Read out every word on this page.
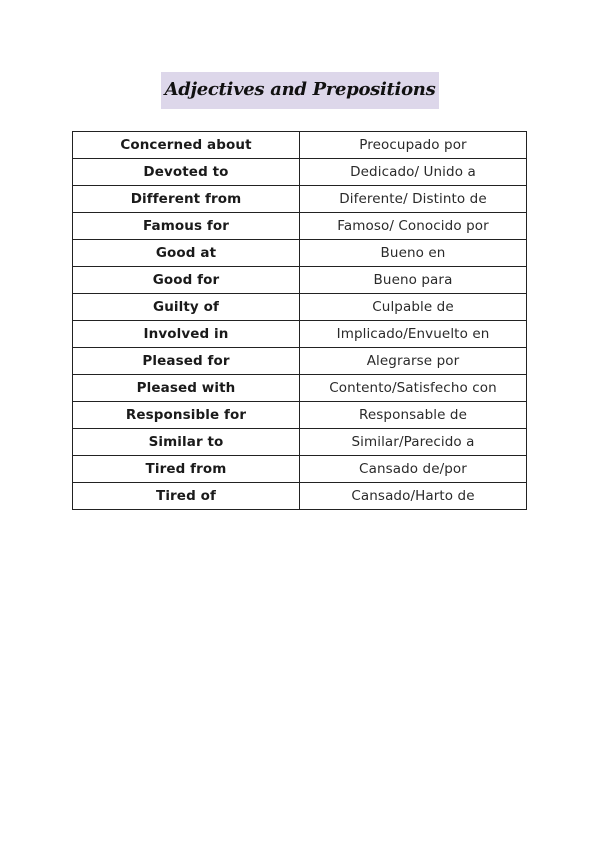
Adjectives and Prepositions
Concerned about	Preocupado por
Devoted to	Dedicado/ Unido a
Different from	Diferente/ Distinto de
Famous for	Famoso/ Conocido por
Good at	Bueno en
Good for	Bueno para
Guilty of	Culpable de
Involved in	Implicado/Envuelto en
Pleased for	Alegrarse por
Pleased with	Contento/Satisfecho con
Responsible for	Responsable de
Similar to	Similar/Parecido a
Tired from	Cansado de/por
Tired of	Cansado/Harto de
